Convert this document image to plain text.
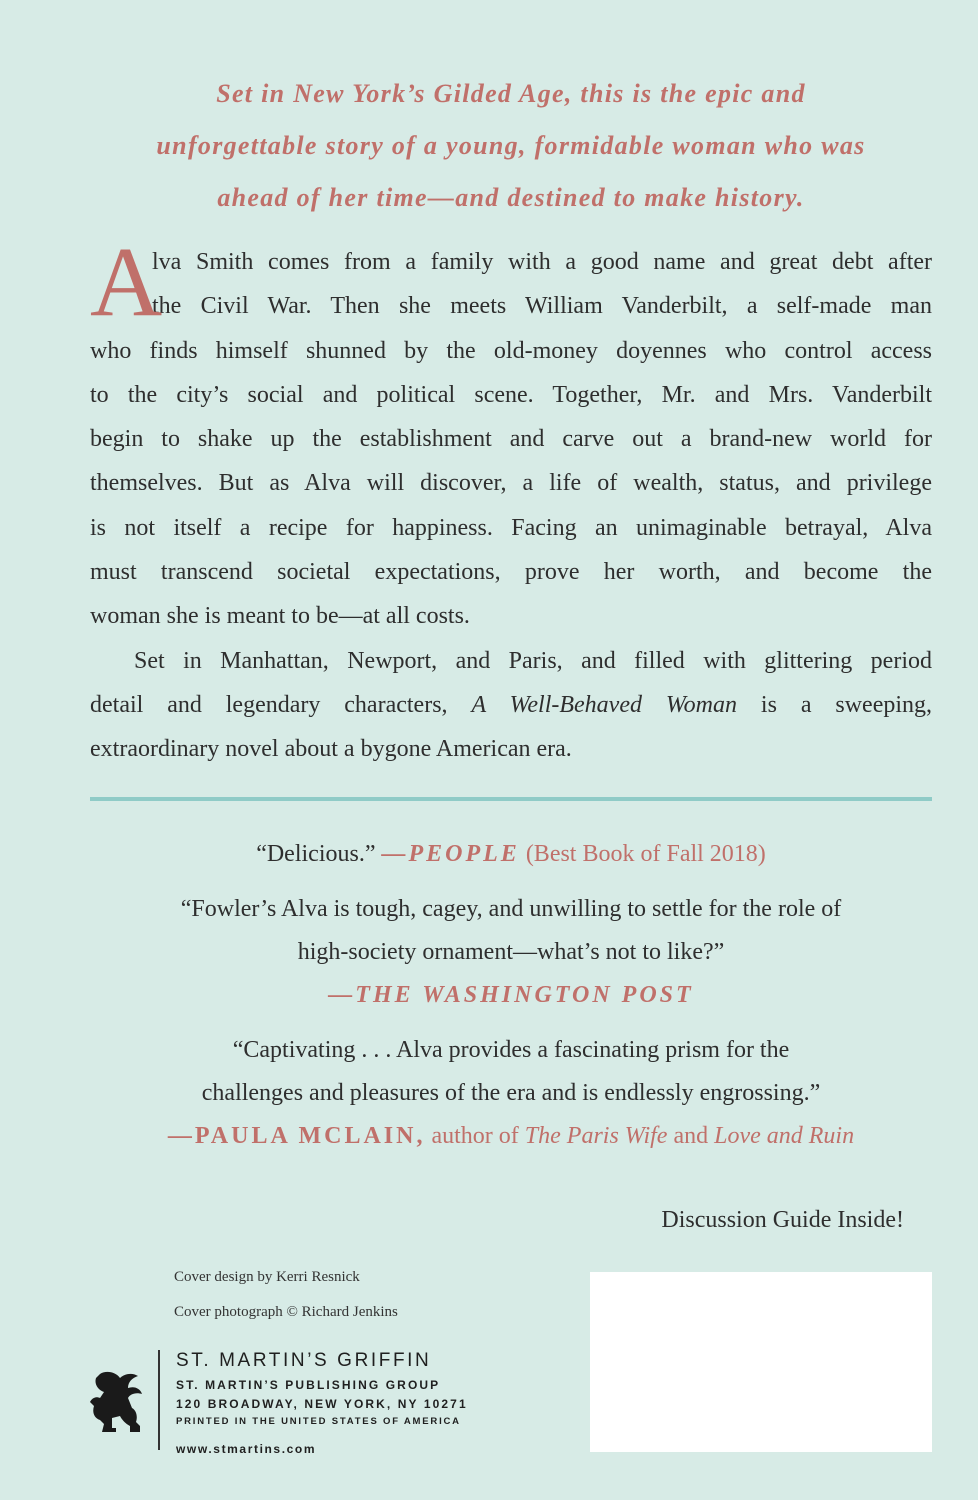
Set in New York’s Gilded Age, this is the epic and
unforgettable story of a young, formidable woman who was
ahead of her time—and destined to make history.
A
lva Smith comes from a family with a good name and great debt after
the Civil War. Then she meets William Vanderbilt, a self-made man
who finds himself shunned by the old-money doyennes who control access
to the city’s social and political scene. Together, Mr. and Mrs. Vanderbilt
begin to shake up the establishment and carve out a brand-new world for
themselves. But as Alva will discover, a life of wealth, status, and privilege
is not itself a recipe for happiness. Facing an unimaginable betrayal, Alva
must transcend societal expectations, prove her worth, and become the
woman she is meant to be—at all costs.
Set in Manhattan, Newport, and Paris, and filled with glittering period
detail and legendary characters, A Well-Behaved Woman is a sweeping,
extraordinary novel about a bygone American era.
“Delicious.” —PEOPLE (Best Book of Fall 2018)
“Fowler’s Alva is tough, cagey, and unwilling to settle for the role of
high-society ornament—what’s not to like?”
—THE WASHINGTON POST
“Captivating . . . Alva provides a fascinating prism for the
challenges and pleasures of the era and is endlessly engrossing.”
—PAULA MCLAIN, author of The Paris Wife and Love and Ruin
Discussion Guide Inside!
Cover design by Kerri Resnick
Cover photograph © Richard Jenkins
ST. MARTIN’S GRIFFIN
ST. MARTIN’S PUBLISHING GROUP
120 BROADWAY, NEW YORK, NY 10271
PRINTED IN THE UNITED STATES OF AMERICA
www.stmartins.com
